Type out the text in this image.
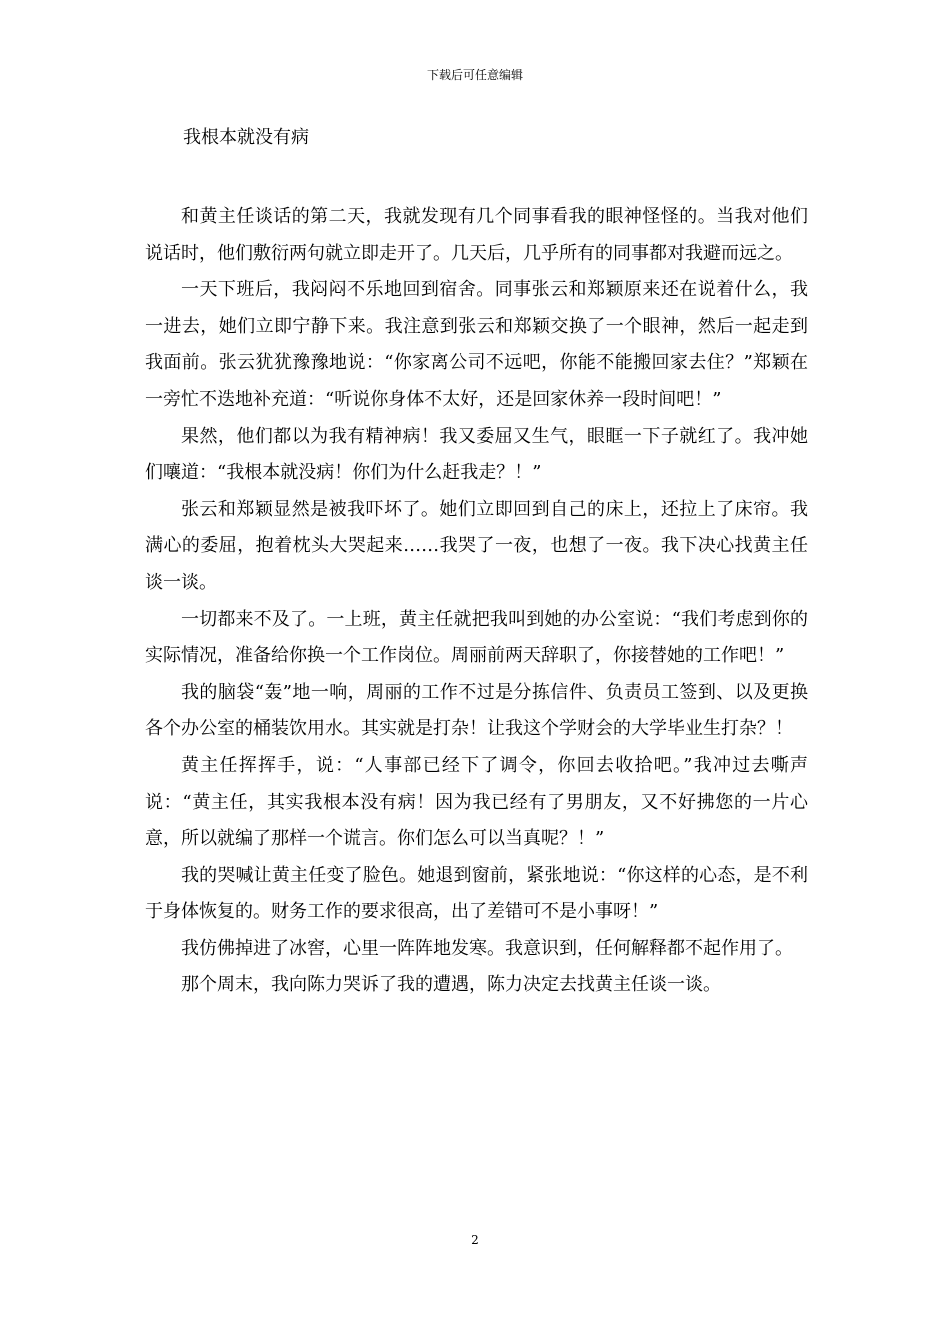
下载后可任意编辑
我根本就没有病

和黄主任谈话的第二天，我就发现有几个同事看我的眼神怪怪的。当我对他们说话时，他们敷衍两句就立即走开了。几天后，几乎所有的同事都对我避而远之。

一天下班后，我闷闷不乐地回到宿舍。同事张云和郑颖原来还在说着什么，我一进去，她们立即宁静下来。我注意到张云和郑颖交换了一个眼神，然后一起走到我面前。张云犹犹豫豫地说：“你家离公司不远吧，你能不能搬回家去住？”郑颖在一旁忙不迭地补充道：“听说你身体不太好，还是回家休养一段时间吧！”

果然，他们都以为我有精神病！我又委屈又生气，眼眶一下子就红了。我冲她们嚷道：“我根本就没病！你们为什么赶我走？！”

张云和郑颖显然是被我吓坏了。她们立即回到自己的床上，还拉上了床帘。我满心的委屈，抱着枕头大哭起来……我哭了一夜，也想了一夜。我下决心找黄主任谈一谈。

一切都来不及了。一上班，黄主任就把我叫到她的办公室说：“我们考虑到你的实际情况，准备给你换一个工作岗位。周丽前两天辞职了，你接替她的工作吧！”

我的脑袋“轰”地一响，周丽的工作不过是分拣信件、负责员工签到、以及更换各个办公室的桶装饮用水。其实就是打杂！让我这个学财会的大学毕业生打杂？！

黄主任挥挥手，说：“人事部已经下了调令，你回去收拾吧。”我冲过去嘶声说：“黄主任，其实我根本没有病！因为我已经有了男朋友，又不好拂您的一片心意，所以就编了那样一个谎言。你们怎么可以当真呢？！”

我的哭喊让黄主任变了脸色。她退到窗前，紧张地说：“你这样的心态，是不利于身体恢复的。财务工作的要求很高，出了差错可不是小事呀！”

我仿佛掉进了冰窖，心里一阵阵地发寒。我意识到，任何解释都不起作用了。

那个周末，我向陈力哭诉了我的遭遇，陈力决定去找黄主任谈一谈。

2
